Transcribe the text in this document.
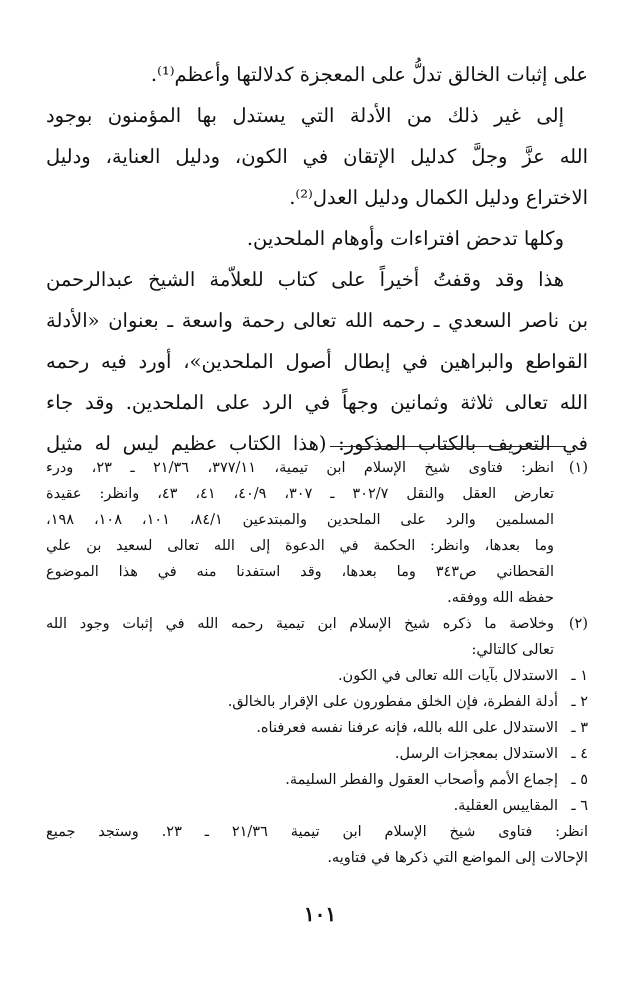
على إثبات الخالق تدلُّ على المعجزة كدلالتها وأعظم⁽¹⁾.
إلى غير ذلك من الأدلة التي يستدل بها المؤمنون بوجود
الله عزَّ وجلَّ كدليل الإتقان في الكون، ودليل العناية، ودليل
الاختراع ودليل الكمال ودليل العدل⁽²⁾.
وكلها تدحض افتراءات وأوهام الملحدين.
هذا وقد وقفتُ أخيراً على كتاب للعلاّمة الشيخ عبدالرحمن
بن ناصر السعدي ـ رحمه الله تعالى رحمة واسعة ـ بعنوان «الأدلة
القواطع والبراهين في إبطال أصول الملحدين»، أورد فيه رحمه
الله تعالى ثلاثة وثمانين وجهاً في الرد على الملحدين. وقد جاء
في التعريف بالكتاب المذكور: (هذا الكتاب عظيم ليس له مثيل
(١)
انظر: فتاوى شيخ الإسلام ابن تيمية، ٣٧٧/١١، ٢١/٣٦ ـ ٢٣، ودرء
تعارض العقل والنقل ٣٠٢/٧ ـ ٣٠٧، ٤٠/٩، ٤١، ٤٣، وانظر: عقيدة
المسلمين والرد على الملحدين والمبتدعين ٨٤/١، ١٠١، ١٠٨، ١٩٨،
وما بعدها، وانظر: الحكمة في الدعوة إلى الله تعالى لسعيد بن علي
القحطاني ص٣٤٣ وما بعدها، وقد استفدنا منه في هذا الموضوع
حفظه الله ووفقه.
(٢)
وخلاصة ما ذكره شيخ الإسلام ابن تيمية رحمه الله في إثبات وجود الله
تعالى كالتالي:
١ ـ
الاستدلال بآيات الله تعالى في الكون.
٢ ـ
أدلة الفطرة، فإن الخلق مفطورون على الإقرار بالخالق.
٣ ـ
الاستدلال على الله بالله، فإنه عرفنا نفسه فعرفناه.
٤ ـ
الاستدلال بمعجزات الرسل.
٥ ـ
إجماع الأمم وأصحاب العقول والفطر السليمة.
٦ ـ
المقاييس العقلية.
انظر: فتاوى شيخ الإسلام ابن تيمية ٢١/٣٦ ـ ٢٣. وستجد جميع
الإحالات إلى المواضع التي ذكرها في فتاويه.
١٠١
